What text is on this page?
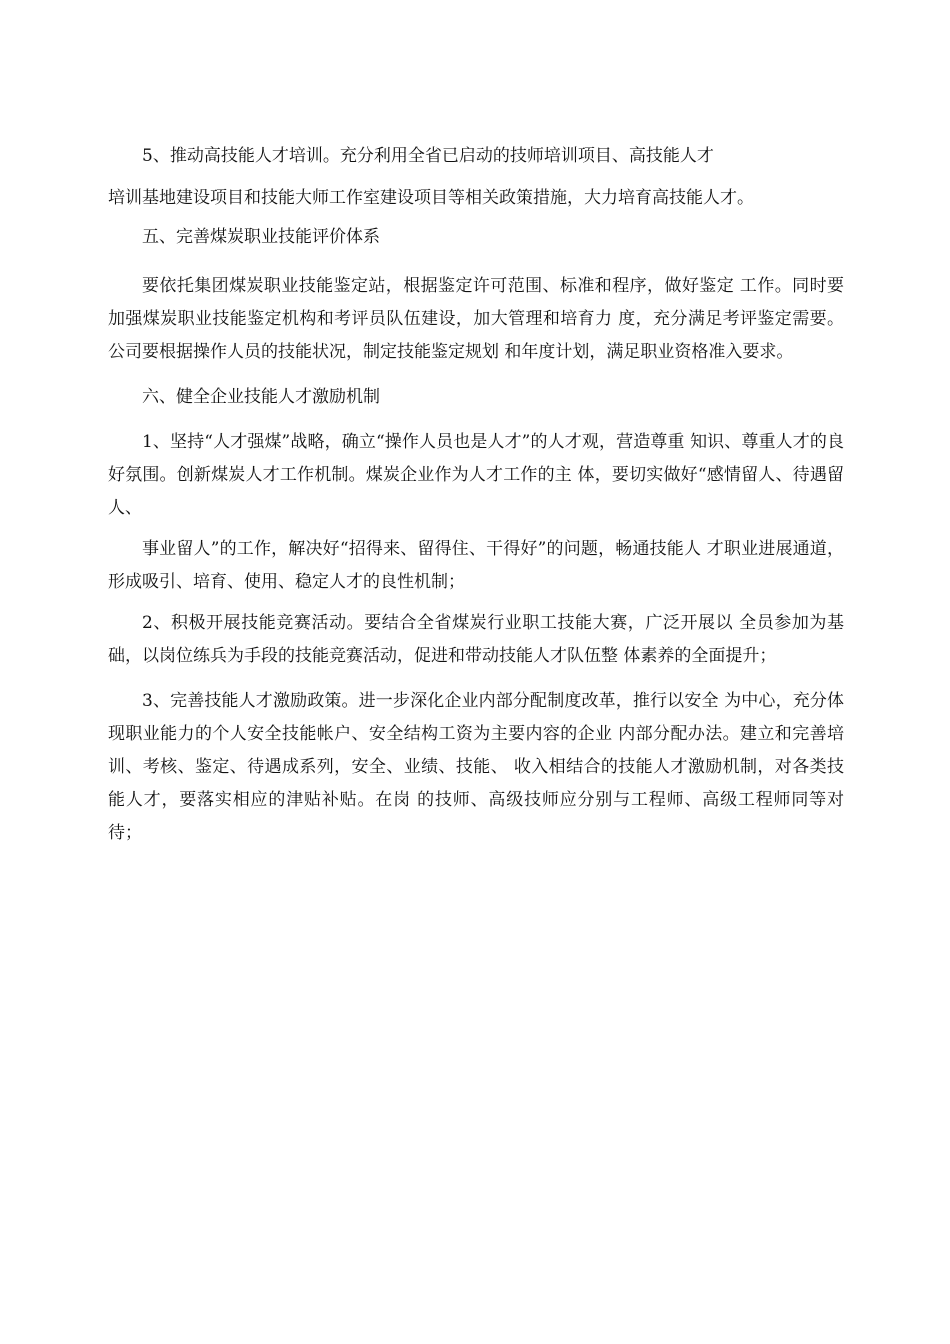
5、推动高技能人才培训。充分利用全省已启动的技师培训项目、高技能人才

培训基地建设项目和技能大师工作室建设项目等相关政策措施，大力培育高技能人才。

五、完善煤炭职业技能评价体系

要依托集团煤炭职业技能鉴定站，根据鉴定许可范围、标准和程序，做好鉴定 工作。同时要加强煤炭职业技能鉴定机构和考评员队伍建设，加大管理和培育力 度，充分满足考评鉴定需要。公司要根据操作人员的技能状况，制定技能鉴定规划 和年度计划，满足职业资格准入要求。

六、健全企业技能人才激励机制

1、坚持“人才强煤”战略，确立“操作人员也是人才”的人才观，营造尊重 知识、尊重人才的良好氛围。创新煤炭人才工作机制。煤炭企业作为人才工作的主 体，要切实做好“感情留人、待遇留人、

事业留人”的工作，解决好“招得来、留得住、干得好”的问题，畅通技能人 才职业进展通道，形成吸引、培育、使用、稳定人才的良性机制；

2、积极开展技能竞赛活动。要结合全省煤炭行业职工技能大赛，广泛开展以 全员参加为基础，以岗位练兵为手段的技能竞赛活动，促进和带动技能人才队伍整 体素养的全面提升；

3、完善技能人才激励政策。进一步深化企业内部分配制度改革，推行以安全 为中心，充分体现职业能力的个人安全技能帐户、安全结构工资为主要内容的企业 内部分配办法。建立和完善培训、考核、鉴定、待遇成系列，安全、业绩、技能、 收入相结合的技能人才激励机制，对各类技能人才，要落实相应的津贴补贴。在岗 的技师、高级技师应分别与工程师、高级工程师同等对待；
